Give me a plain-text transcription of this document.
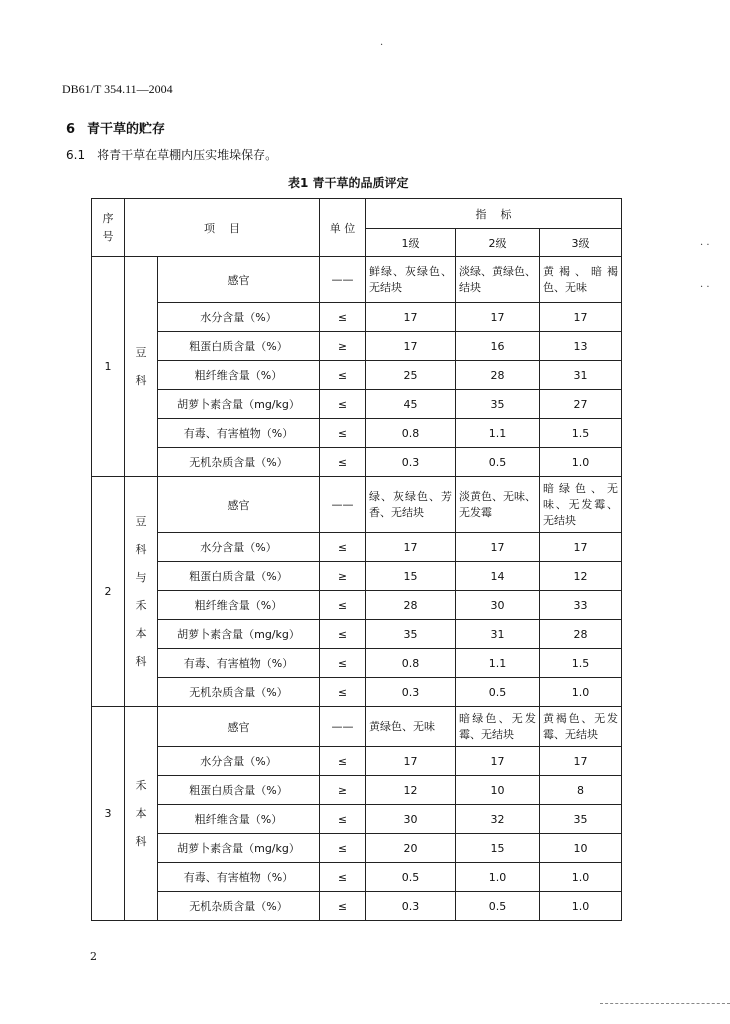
DB61/T 354.11—2004
6 青干草的贮存
6.1 将青干草在草棚内压实堆垛保存。
表1 青干草的品质评定
序号	项    目		单 位	指    标		
				1级	2级	3级
1	豆科	感官	——	鲜绿、灰绿色、无结块	淡绿、黄绿色、结块	黄褐、暗褐色、无味
		水分含量（%）	≤	17	17	17
		粗蛋白质含量（%）	≥	17	16	13
		粗纤维含量（%）	≤	25	28	31
		胡萝卜素含量（mg/kg）	≤	45	35	27
		有毒、有害植物（%）	≤	0.8	1.1	1.5
		无机杂质含量（%）	≤	0.3	0.5	1.0
2	豆科与禾本科	感官	——	绿、灰绿色、芳香、无结块	淡黄色、无味、无发霉	暗绿色、无味、无发霉、无结块
		水分含量（%）	≤	17	17	17
		粗蛋白质含量（%）	≥	15	14	12
		粗纤维含量（%）	≤	28	30	33
		胡萝卜素含量（mg/kg）	≤	35	31	28
		有毒、有害植物（%）	≤	0.8	1.1	1.5
		无机杂质含量（%）	≤	0.3	0.5	1.0
3	禾本科	感官	——	黄绿色、无味	暗绿色、无发霉、无结块	黄褐色、无发霉、无结块
		水分含量（%）	≤	17	17	17
		粗蛋白质含量（%）	≥	12	10	8
		粗纤维含量（%）	≤	30	32	35
		胡萝卜素含量（mg/kg）	≤	20	15	10
		有毒、有害植物（%）	≤	0.5	1.0	1.0
		无机杂质含量（%）	≤	0.3	0.5	1.0
2
·
· ·
· ·
